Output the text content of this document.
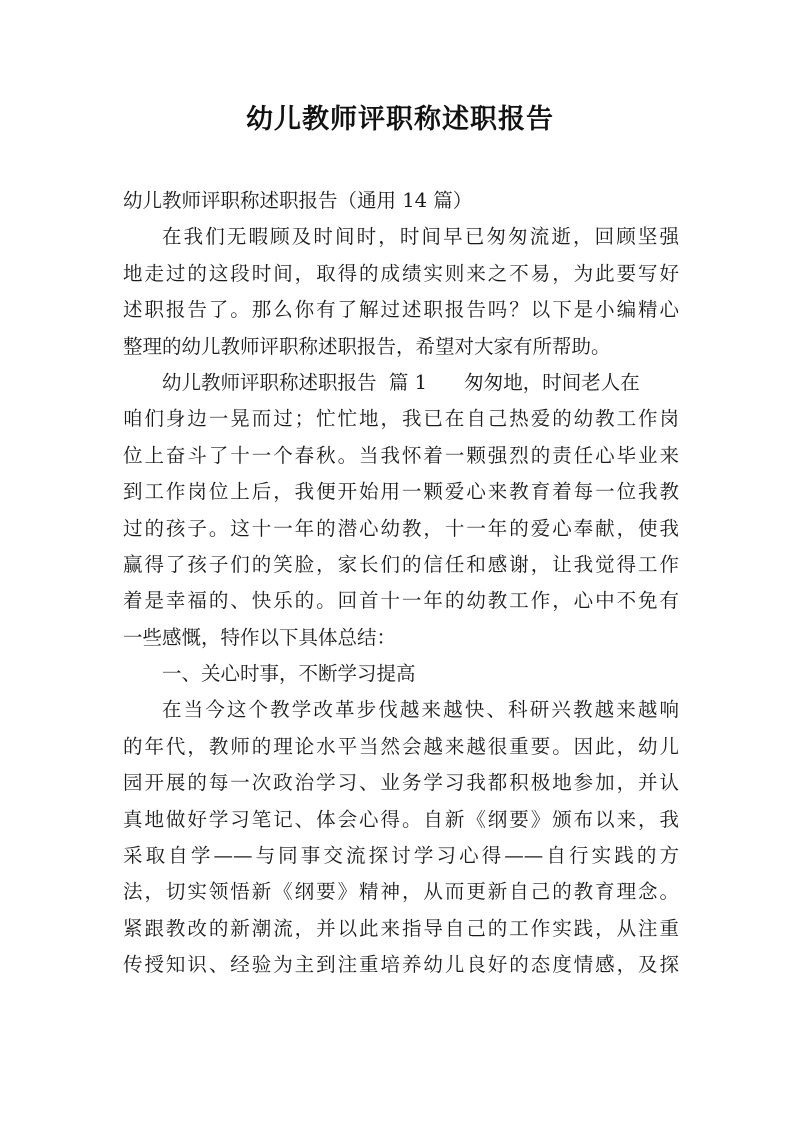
幼儿教师评职称述职报告
幼儿教师评职称述职报告（通用 14 篇）
在我们无暇顾及时间时，时间早已匆匆流逝，回顾坚强
地走过的这段时间，取得的成绩实则来之不易，为此要写好
述职报告了。那么你有了解过述职报告吗？以下是小编精心
整理的幼儿教师评职称述职报告，希望对大家有所帮助。
幼儿教师评职称述职报告  篇 1      匆匆地，时间老人在
咱们身边一晃而过；忙忙地，我已在自己热爱的幼教工作岗
位上奋斗了十一个春秋。当我怀着一颗强烈的责任心毕业来
到工作岗位上后，我便开始用一颗爱心来教育着每一位我教
过的孩子。这十一年的潜心幼教，十一年的爱心奉献，使我
赢得了孩子们的笑脸，家长们的信任和感谢，让我觉得工作
着是幸福的、快乐的。回首十一年的幼教工作，心中不免有
一些感慨，特作以下具体总结：
一、关心时事，不断学习提高
在当今这个教学改革步伐越来越快、科研兴教越来越响
的年代，教师的理论水平当然会越来越很重要。因此，幼儿
园开展的每一次政治学习、业务学习我都积极地参加，并认
真地做好学习笔记、体会心得。自新《纲要》颁布以来，我
采取自学——与同事交流探讨学习心得——自行实践的方
法，切实领悟新《纲要》精神，从而更新自己的教育理念。
紧跟教改的新潮流，并以此来指导自己的工作实践，从注重
传授知识、经验为主到注重培养幼儿良好的态度情感，及探
